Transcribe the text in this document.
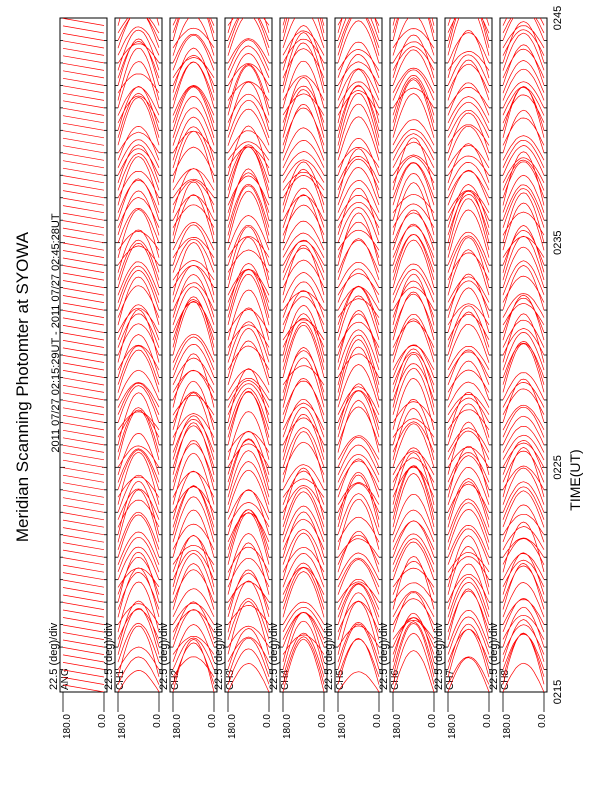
Meridian Scanning Photomter at SYOWA 2011 07/27 02:15:29UT - 2011 07/27 02:45:28UT
TIME(UT)
ANG
22.5 (deg)/div
180.0 0.0
CH1
22.5 (deg)/div
180.0 0.0
CH2
22.5 (deg)/div
180.0 0.0
CH3
22.5 (deg)/div
180.0 0.0
CH4
22.5 (deg)/div
180.0 0.0
CH5
22.5 (deg)/div
180.0 0.0
CH6
22.5 (deg)/div
180.0 0.0
CH7
22.5 (deg)/div
180.0 0.0
CH8
22.5 (deg)/div
180.0 0.0
0215
0225
0235
0245
